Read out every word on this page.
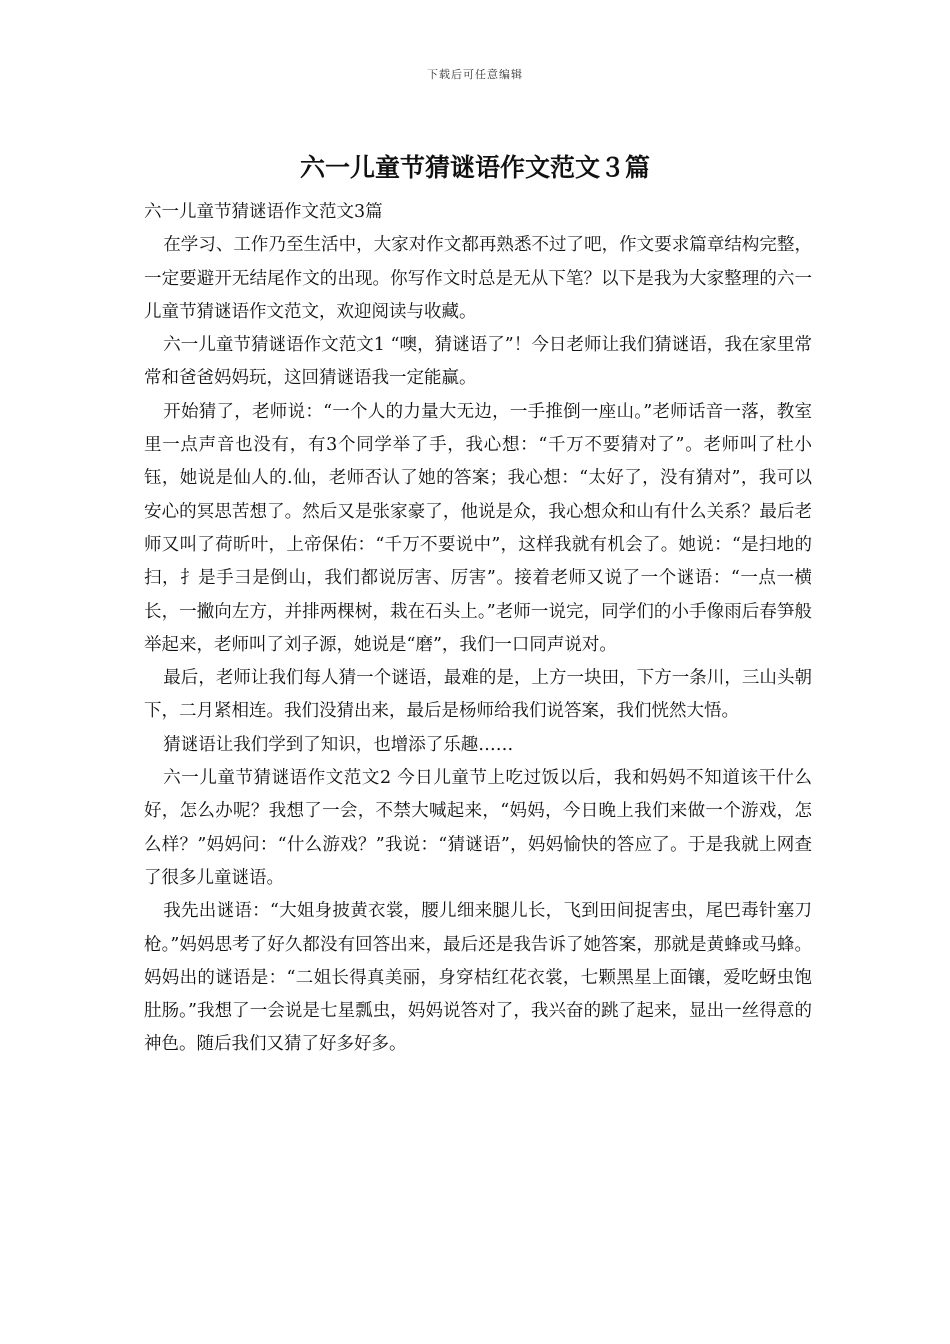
下载后可任意编辑
六一儿童节猜谜语作文范文３篇

六一儿童节猜谜语作文范文3篇

在学习、工作乃至生活中，大家对作文都再熟悉不过了吧，作文要求篇章结构完整，一定要避开无结尾作文的出现。你写作文时总是无从下笔？以下是我为大家整理的六一儿童节猜谜语作文范文，欢迎阅读与收藏。

六一儿童节猜谜语作文范文1 “噢，猜谜语了”！今日老师让我们猜谜语，我在家里常常和爸爸妈妈玩，这回猜谜语我一定能赢。

开始猜了，老师说：“一个人的力量大无边，一手推倒一座山。”老师话音一落，教室里一点声音也没有，有3个同学举了手，我心想：“千万不要猜对了”。老师叫了杜小钰，她说是仙人的.仙，老师否认了她的答案；我心想：“太好了，没有猜对”，我可以安心的冥思苦想了。然后又是张家豪了，他说是众，我心想众和山有什么关系？最后老师又叫了荷昕叶，上帝保佑：“千万不要说中”，这样我就有机会了。她说：“是扫地的扫，扌是手彐是倒山，我们都说厉害、厉害”。接着老师又说了一个谜语：“一点一横长，一撇向左方，并排两棵树，栽在石头上。”老师一说完，同学们的小手像雨后春笋般举起来，老师叫了刘子源，她说是“磨”，我们一口同声说对。

最后，老师让我们每人猜一个谜语，最难的是，上方一块田，下方一条川，三山头朝下，二月紧相连。我们没猜出来，最后是杨师给我们说答案，我们恍然大悟。

猜谜语让我们学到了知识，也增添了乐趣……

六一儿童节猜谜语作文范文2 今日儿童节上吃过饭以后，我和妈妈不知道该干什么好，怎么办呢？我想了一会，不禁大喊起来，“妈妈，今日晚上我们来做一个游戏，怎么样？”妈妈问：“什么游戏？”我说：“猜谜语”，妈妈愉快的答应了。于是我就上网查了很多儿童谜语。

我先出谜语：“大姐身披黄衣裳，腰儿细来腿儿长，飞到田间捉害虫，尾巴毒针塞刀枪。”妈妈思考了好久都没有回答出来，最后还是我告诉了她答案，那就是黄蜂或马蜂。妈妈出的谜语是：“二姐长得真美丽，身穿桔红花衣裳，七颗黑星上面镶，爱吃蚜虫饱肚肠。”我想了一会说是七星瓢虫，妈妈说答对了，我兴奋的跳了起来，显出一丝得意的神色。随后我们又猜了好多好多。
